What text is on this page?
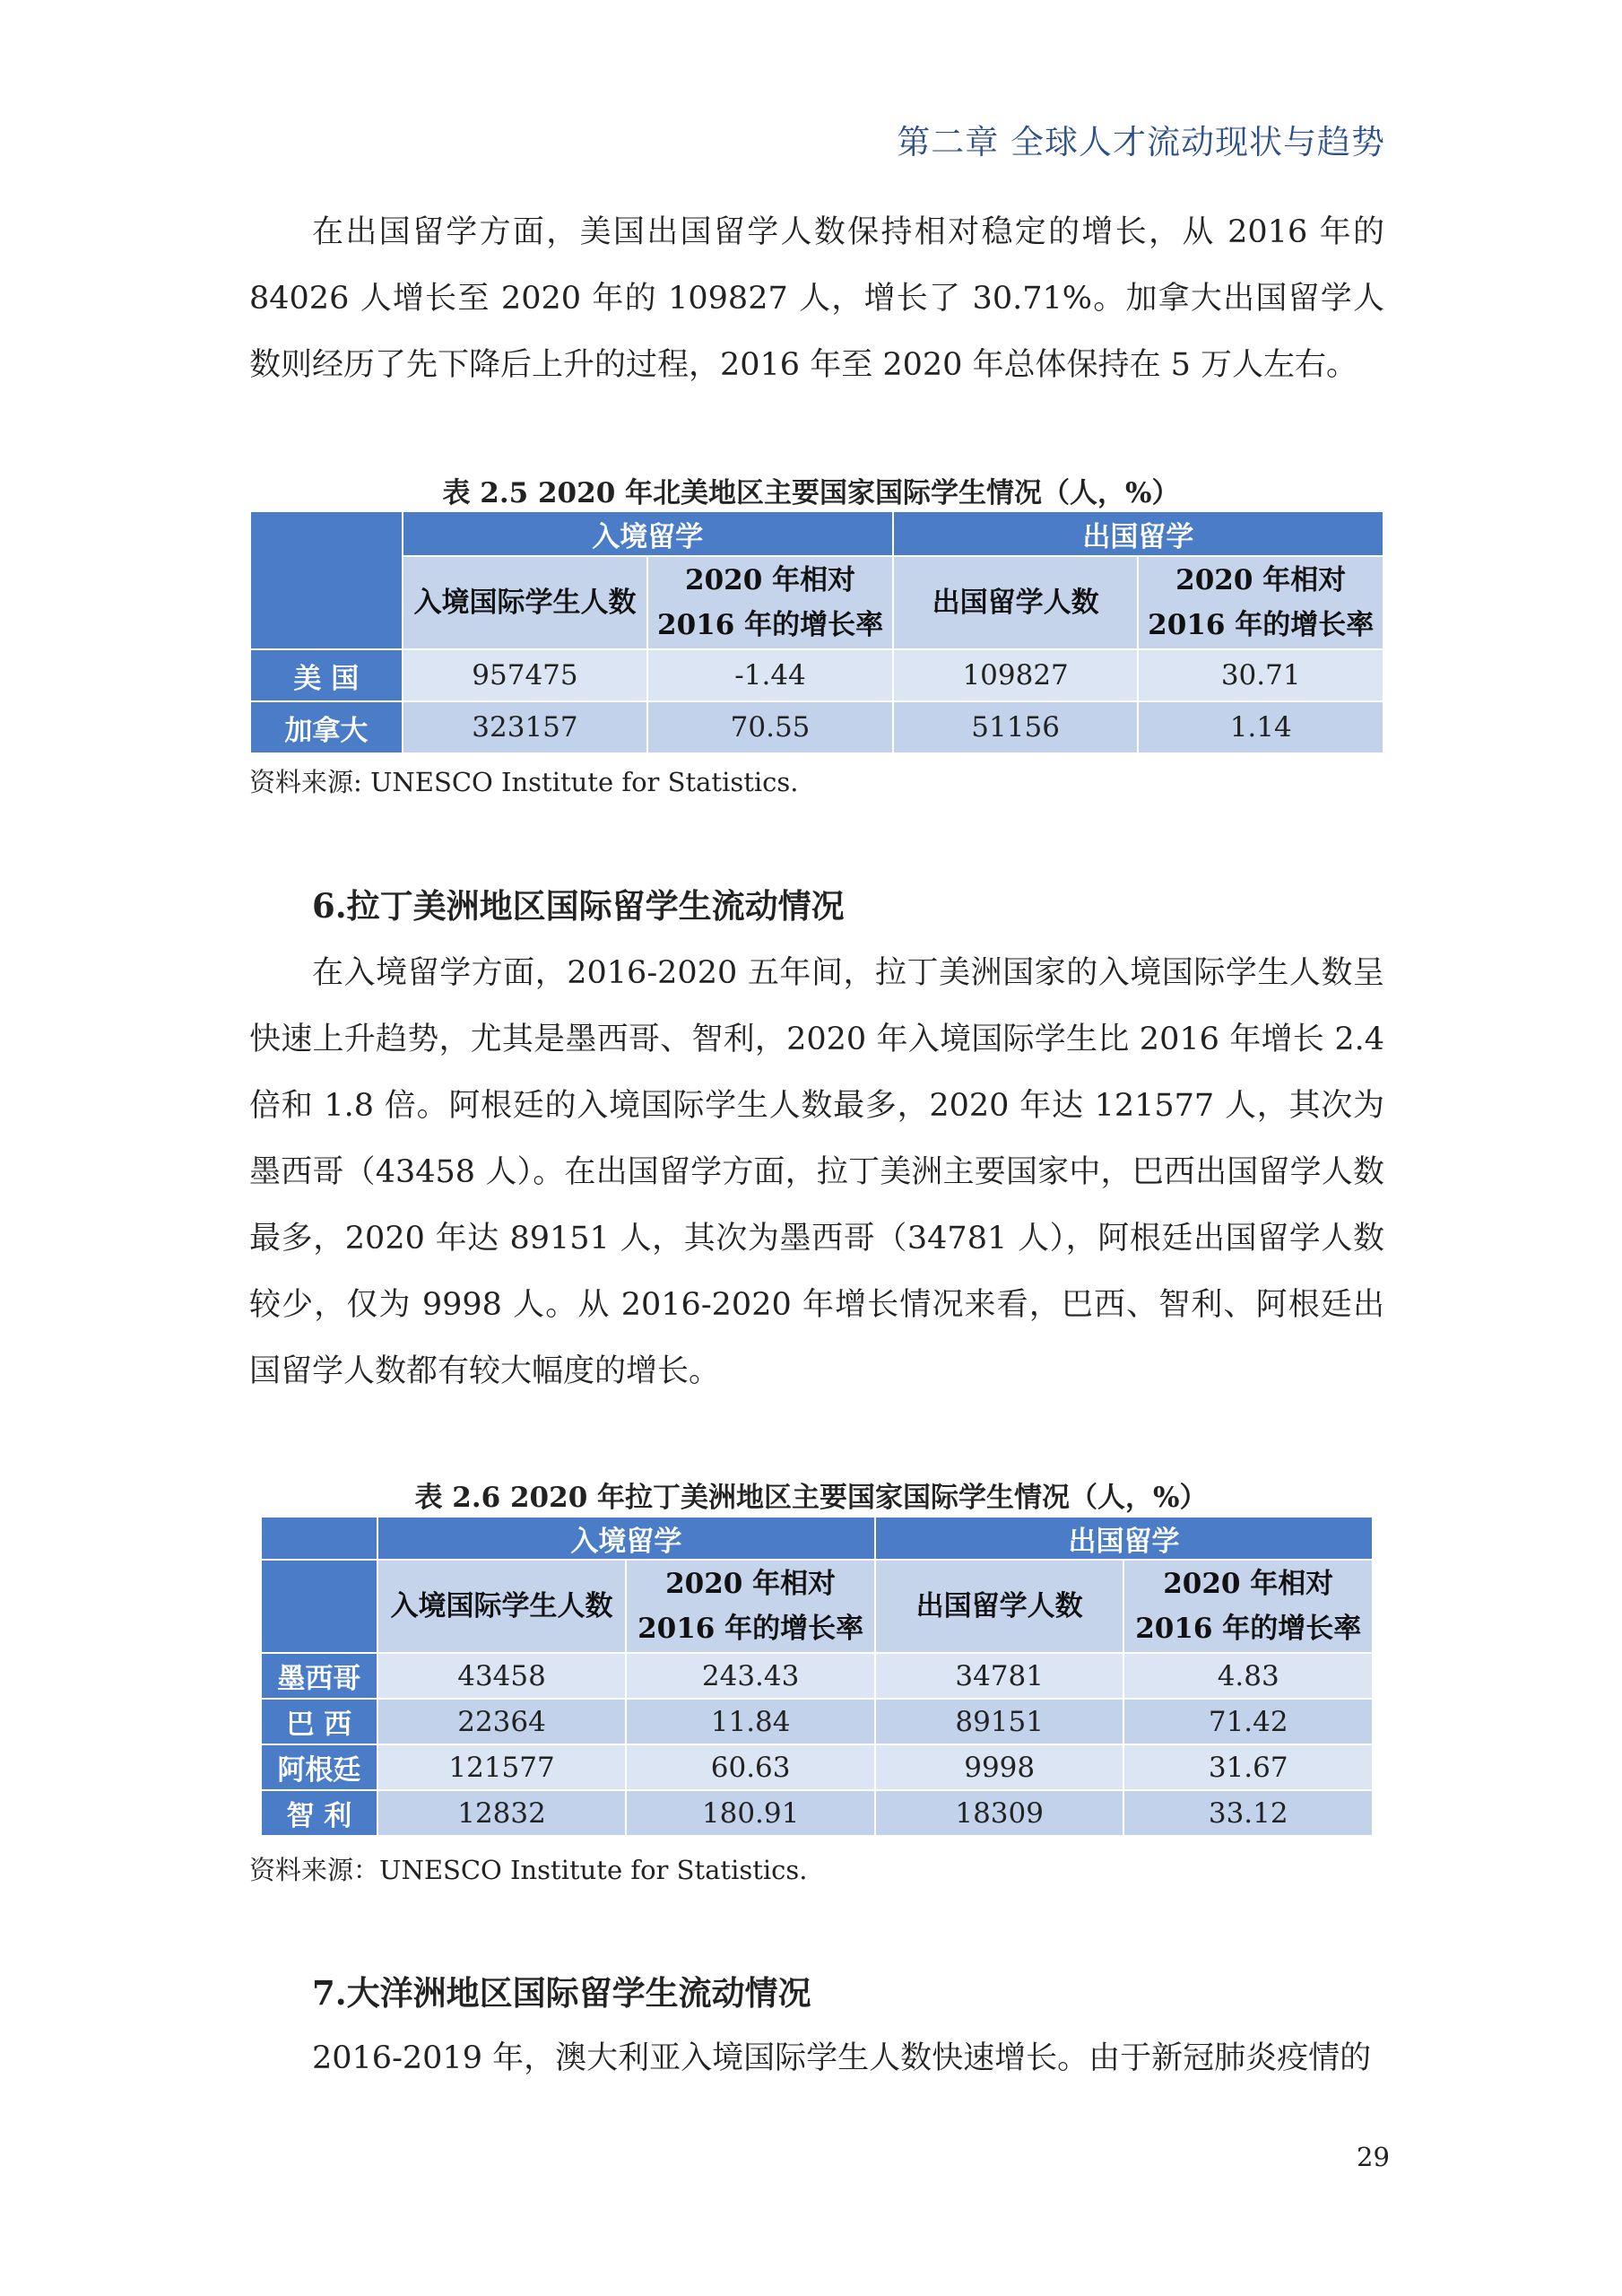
第二章 全球人才流动现状与趋势

在出国留学方面，美国出国留学人数保持相对稳定的增长，从 2016 年的 84026 人增长至 2020 年的 109827 人，增长了 30.71%。加拿大出国留学人数则经历了先下降后上升的过程，2016 年至 2020 年总体保持在 5 万人左右。

表 2.5 2020 年北美地区主要国家国际学生情况（人，%）
	入境留学		出国留学	
	入境国际学生人数	2020 年相对 2016 年的增长率	出国留学人数	2020 年相对 2016 年的增长率
美 国	957475	-1.44	109827	30.71
加拿大	323157	70.55	51156	1.14
资料来源: UNESCO Institute for Statistics.
6.拉丁美洲地区国际留学生流动情况

在入境留学方面，2016-2020 五年间，拉丁美洲国家的入境国际学生人数呈快速上升趋势，尤其是墨西哥、智利，2020 年入境国际学生比 2016 年增长 2.4 倍和 1.8 倍。阿根廷的入境国际学生人数最多，2020 年达 121577 人，其次为墨西哥（43458 人）。在出国留学方面，拉丁美洲主要国家中，巴西出国留学人数最多，2020 年达 89151 人，其次为墨西哥（34781 人），阿根廷出国留学人数较少，仅为 9998 人。从 2016-2020 年增长情况来看，巴西、智利、阿根廷出国留学人数都有较大幅度的增长。

表 2.6 2020 年拉丁美洲地区主要国家国际学生情况（人，%）
	入境留学		出国留学	
	入境国际学生人数	2020 年相对 2016 年的增长率	出国留学人数	2020 年相对 2016 年的增长率
墨西哥	43458	243.43	34781	4.83
巴 西	22364	11.84	89151	71.42
阿根廷	121577	60.63	9998	31.67
智 利	12832	180.91	18309	33.12
资料来源：UNESCO Institute for Statistics.
7.大洋洲地区国际留学生流动情况

2016-2019 年，澳大利亚入境国际学生人数快速增长。由于新冠肺炎疫情的

29
